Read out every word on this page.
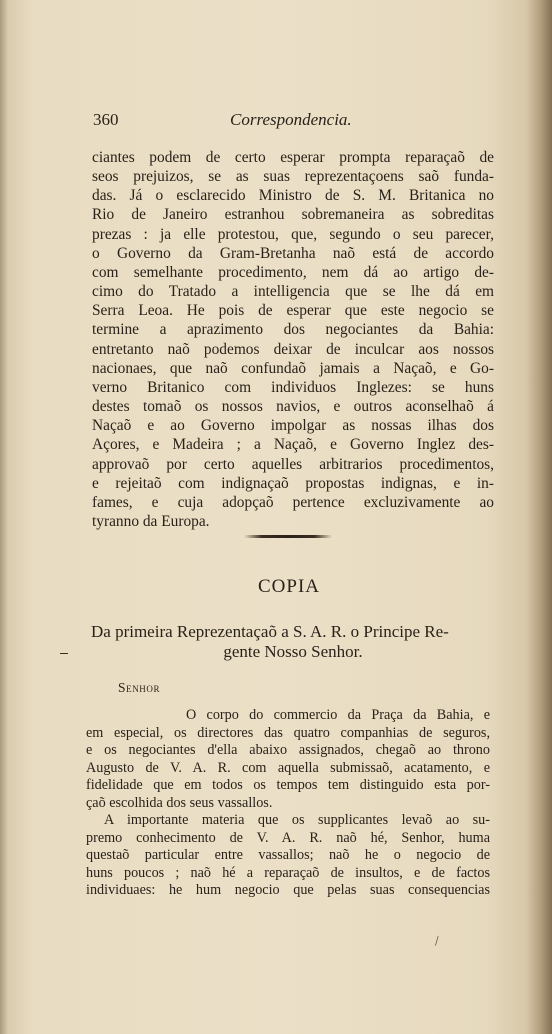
360	Correspondencia.
ciantes podem de certo esperar prompta reparaçaõ de
seos prejuizos, se as suas reprezentaçoens saõ funda-
das. Já o esclarecido Ministro de S. M. Britanica no
Rio de Janeiro estranhou sobremaneira as sobreditas
prezas : ja elle protestou, que, segundo o seu parecer,
o Governo da Gram-Bretanha naõ está de accordo
com semelhante procedimento, nem dá ao artigo de-
cimo do Tratado a intelligencia que se lhe dá em
Serra Leoa. He pois de esperar que este negocio se
termine a aprazimento dos negociantes da Bahia:
entretanto naõ podemos deixar de inculcar aos nossos
nacionaes, que naõ confundaõ jamais a Naçaõ, e Go-
verno Britanico com individuos Inglezes: se huns
destes tomaõ os nossos navios, e outros aconselhaõ á
Naçaõ e ao Governo impolgar as nossas ilhas dos
Açores, e Madeira ; a Naçaõ, e Governo Inglez des-
approvaõ por certo aquelles arbitrarios procedimentos,
e rejeitaõ com indignaçaõ propostas indignas, e in-
fames, e cuja adopçaõ pertence excluzivamente ao
tyranno da Europa.
COPIA
Da primeira Reprezentaçaõ a S. A. R. o Principe Re-
gente Nosso Senhor.
Senhor
O corpo do commercio da Praça da Bahia, e
em especial, os directores das quatro companhias de seguros,
e os negociantes d'ella abaixo assignados, chegaõ ao throno
Augusto de V. A. R. com aquella submissaõ, acatamento, e
fidelidade que em todos os tempos tem distinguido esta por-
çaõ escolhida dos seus vassallos.
A importante materia que os supplicantes levaõ ao su-
premo conhecimento de V. A. R. naõ hé, Senhor, huma
questaõ particular entre vassallos; naõ he o negocio de
huns poucos ; naõ hé a reparaçaõ de insultos, e de factos
individuaes: he hum negocio que pelas suas consequencias
\
